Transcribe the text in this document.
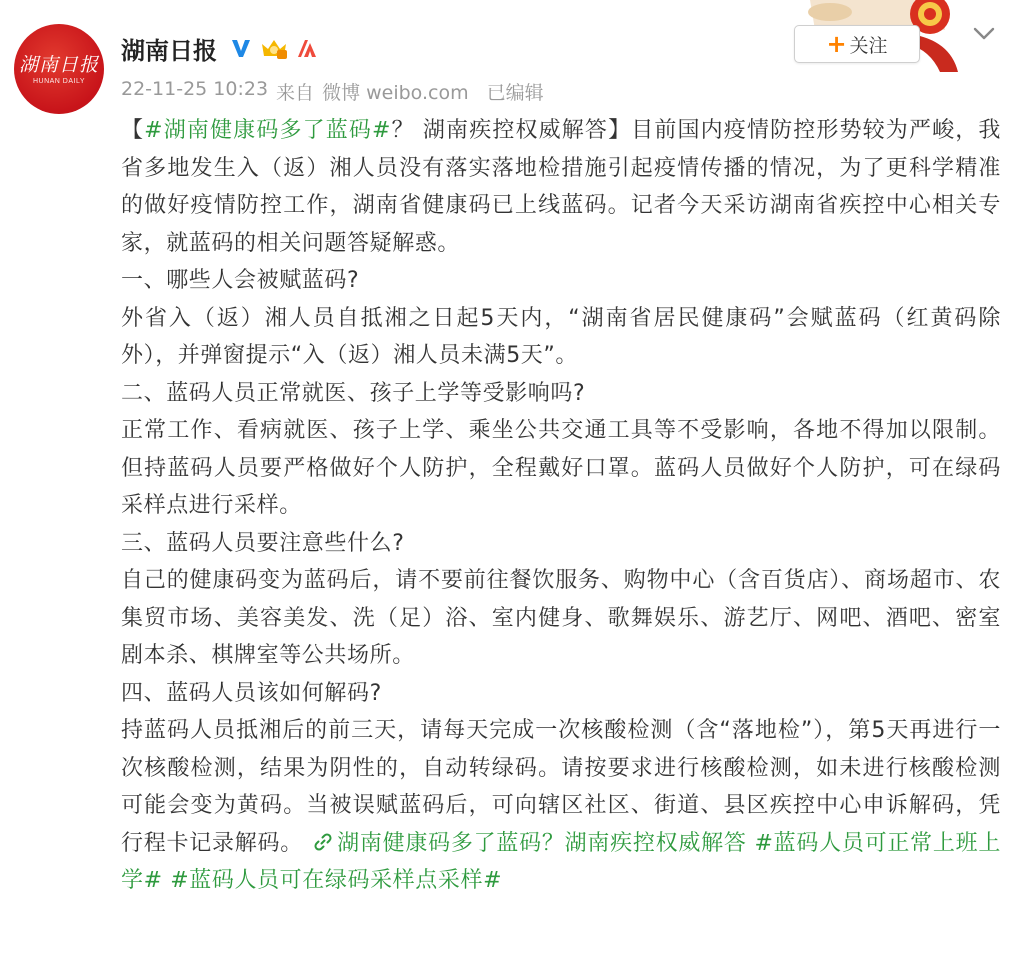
湖南日报
HUNAN DAILY
湖南日报
22-11-25 10:23 来自 微博 weibo.com 已编辑
+ 关注
【#湖南健康码多了蓝码#？ 湖南疾控权威解答】目前国内疫情防控形势较为严峻，我省多地发生入（返）湘人员没有落实落地检措施引起疫情传播的情况，为了更科学精准的做好疫情防控工作，湖南省健康码已上线蓝码。记者今天采访湖南省疾控中心相关专家，就蓝码的相关问题答疑解惑。
一、哪些人会被赋蓝码?
外省入（返）湘人员自抵湘之日起5天内，“湖南省居民健康码”会赋蓝码（红黄码除外），并弹窗提示“入（返）湘人员未满5天”。
二、蓝码人员正常就医、孩子上学等受影响吗?
正常工作、看病就医、孩子上学、乘坐公共交通工具等不受影响，各地不得加以限制。但持蓝码人员要严格做好个人防护，全程戴好口罩。蓝码人员做好个人防护，可在绿码采样点进行采样。
三、蓝码人员要注意些什么?
自己的健康码变为蓝码后，请不要前往餐饮服务、购物中心（含百货店）、商场超市、农集贸市场、美容美发、洗（足）浴、室内健身、歌舞娱乐、游艺厅、网吧、酒吧、密室剧本杀、棋牌室等公共场所。
四、蓝码人员该如何解码?
持蓝码人员抵湘后的前三天，请每天完成一次核酸检测（含“落地检”），第5天再进行一次核酸检测，结果为阴性的，自动转绿码。请按要求进行核酸检测，如未进行核酸检测可能会变为黄码。当被误赋蓝码后，可向辖区社区、街道、县区疾控中心申诉解码，凭行程卡记录解码。 湖南健康码多了蓝码？湖南疾控权威解答 #蓝码人员可正常上班上学# #蓝码人员可在绿码采样点采样#
